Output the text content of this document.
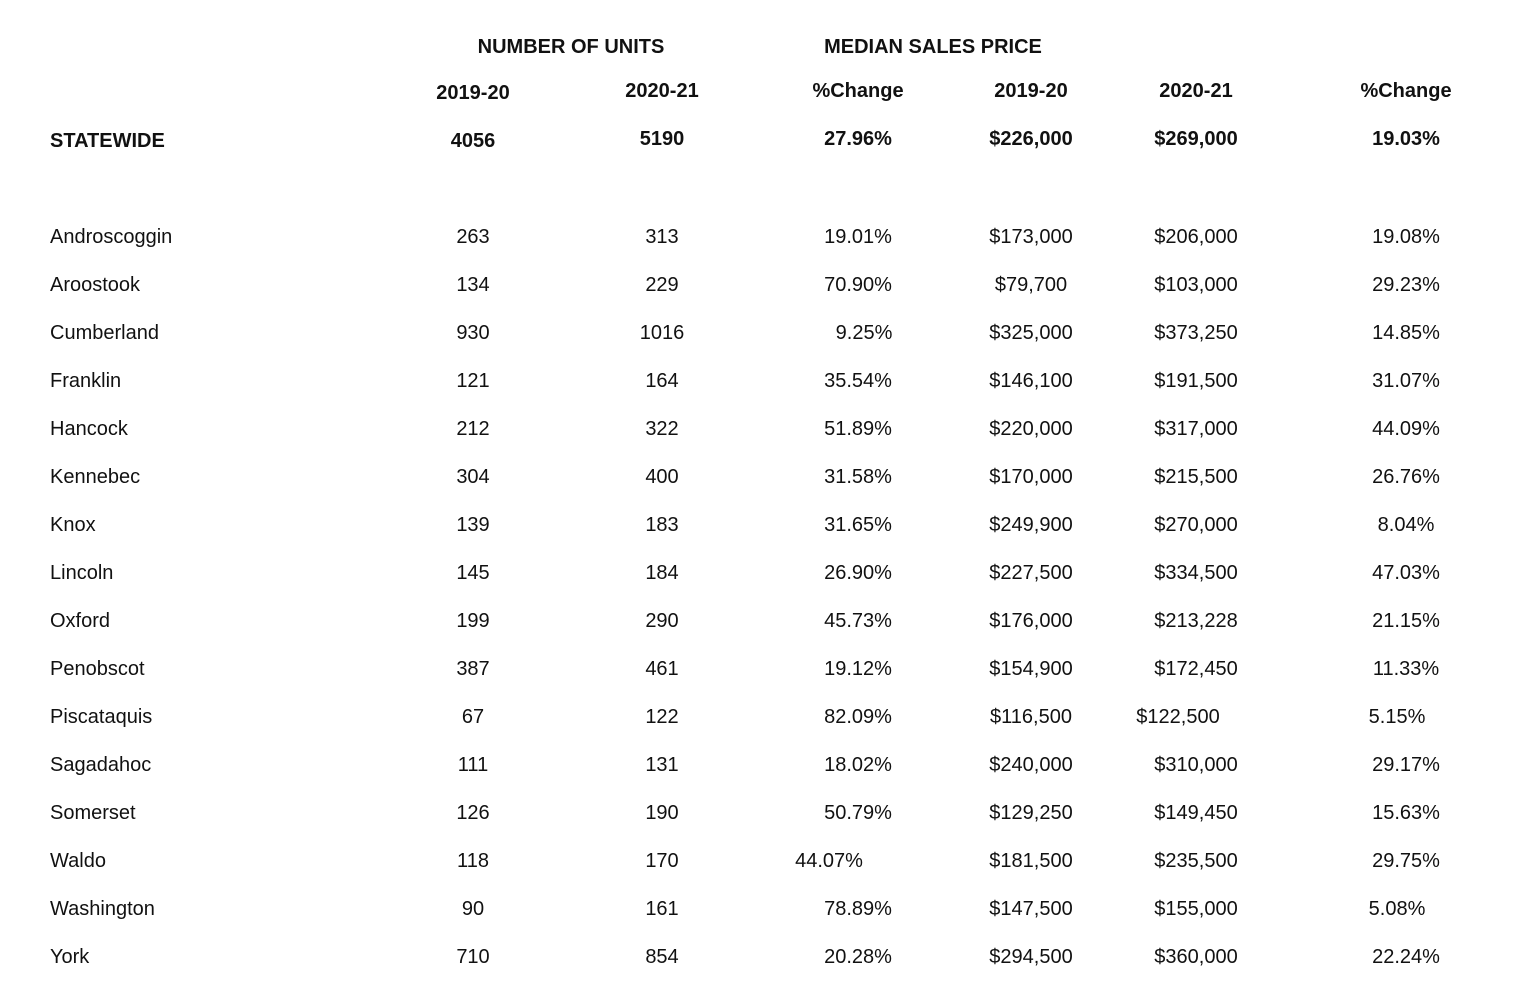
NUMBER OF UNITS	MEDIAN SALES PRICE
2019-20	2020-21	%Change	2019-20	2020-21	%Change
STATEWIDE	4056	5190	27.96%	$226,000	$269,000	19.03%
Androscoggin	263	313	19.01%	$173,000	$206,000	19.08%
Aroostook	134	229	70.90%	$79,700	$103,000	29.23%
Cumberland	930	1016	9.25%	$325,000	$373,250	14.85%
Franklin	121	164	35.54%	$146,100	$191,500	31.07%
Hancock	212	322	51.89%	$220,000	$317,000	44.09%
Kennebec	304	400	31.58%	$170,000	$215,500	26.76%
Knox	139	183	31.65%	$249,900	$270,000	8.04%
Lincoln	145	184	26.90%	$227,500	$334,500	47.03%
Oxford	199	290	45.73%	$176,000	$213,228	21.15%
Penobscot	387	461	19.12%	$154,900	$172,450	11.33%
Piscataquis	67	122	82.09%	$116,500	$122,500	5.15%
Sagadahoc	111	131	18.02%	$240,000	$310,000	29.17%
Somerset	126	190	50.79%	$129,250	$149,450	15.63%
Waldo	118	170	44.07%	$181,500	$235,500	29.75%
Washington	90	161	78.89%	$147,500	$155,000	5.08%
York	710	854	20.28%	$294,500	$360,000	22.24%
